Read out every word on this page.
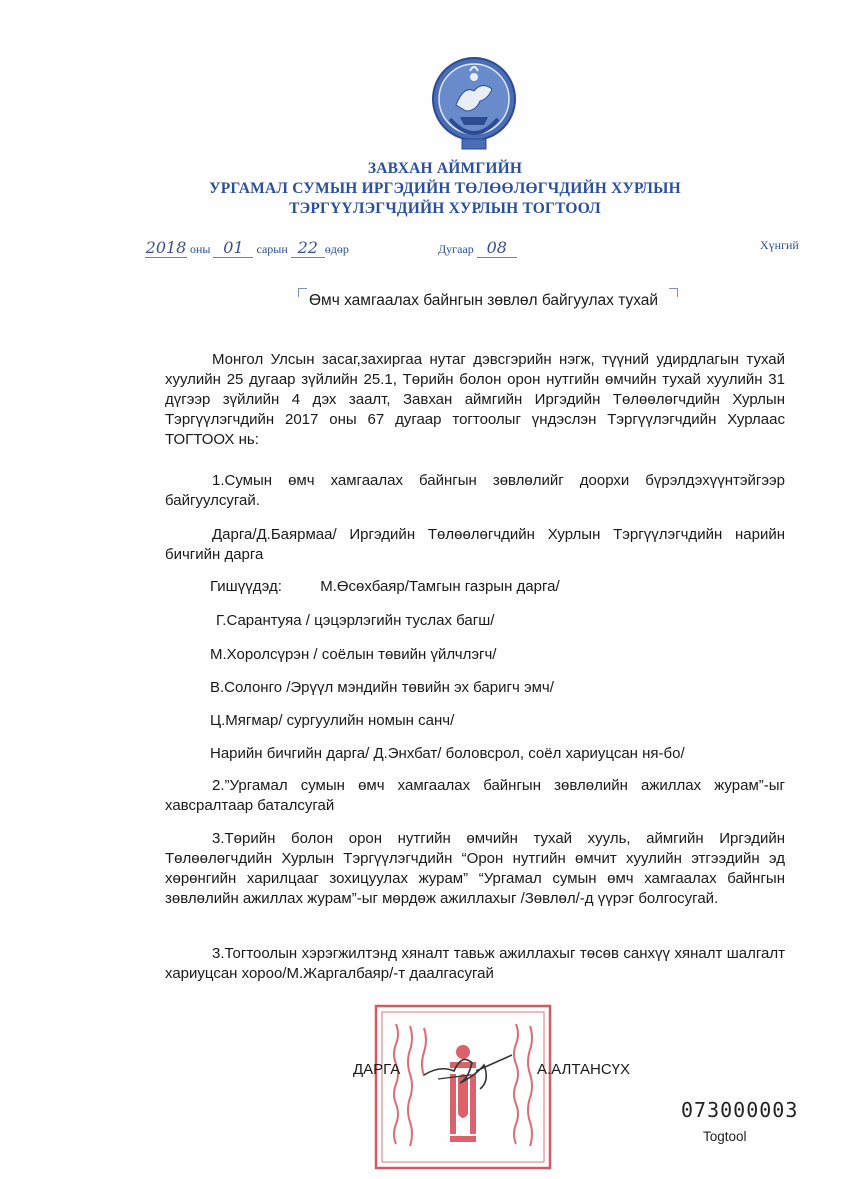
ЗАВХАН АЙМГИЙН
УРГАМАЛ СУМЫН ИРГЭДИЙН ТӨЛӨӨЛӨГЧДИЙН ХУРЛЫН
ТЭРГҮҮЛЭГЧДИЙН ХУРЛЫН ТОГТООЛ
2018 оны 01 сарын 22 өдөр	Дугаар 08	Хүнгий
Өмч хамгаалах байнгын зөвлөл байгуулах тухай

Монгол Улсын засаг,захиргаа нутаг дэвсгэрийн нэгж, түүний удирдлагын тухай хуулийн 25 дугаар зүйлийн 25.1, Төрийн болон орон нутгийн өмчийн тухай хуулийн 31 дүгээр зүйлийн 4 дэх заалт, Завхан аймгийн Иргэдийн Төлөөлөгчдийн Хурлын Тэргүүлэгчдийн 2017 оны 67 дугаар тогтоолыг үндэслэн Тэргүүлэгчдийн Хурлаас ТОГТООХ нь:

1.Сумын өмч хамгаалах байнгын зөвлөлийг доорхи бүрэлдэхүүнтэйгээр байгуулсугай.

Дарга/Д.Баярмаа/ Иргэдийн Төлөөлөгчдийн Хурлын Тэргүүлэгчдийн нарийн бичгийн дарга

Гишүүдэд:	М.Өсөхбаяр/Тамгын газрын дарга/
Г.Сарантуяа / цэцэрлэгийн туслах багш/
М.Хоролсүрэн / соёлын төвийн үйлчлэгч/
В.Солонго /Эрүүл мэндийн төвийн эх баригч эмч/
Ц.Мягмар/ сургуулийн номын санч/
Нарийн бичгийн дарга/ Д.Энхбат/ боловсрол, соёл хариуцсан ня-бо/

2.”Ургамал сумын өмч хамгаалах байнгын зөвлөлийн ажиллах журам”-ыг хавсралтаар баталсугай

3.Төрийн болон орон нутгийн өмчийн тухай хууль, аймгийн Иргэдийн Төлөөлөгчдийн Хурлын Тэргүүлэгчдийн “Орон нутгийн өмчит хуулийн этгээдийн эд хөрөнгийн харилцааг зохицуулах журам” “Ургамал сумын өмч хамгаалах байнгын зөвлөлийн ажиллах журам”-ыг мөрдөж ажиллахыг /Зөвлөл/-д үүрэг болгосугай.

3.Тогтоолын хэрэгжилтэнд хяналт тавьж ажиллахыг төсөв санхүү хяналт шалгалт хариуцсан хороо/М.Жаргалбаяр/-т даалгасугай

ДАРГА	А.АЛТАНСҮХ
073000003
Togtool
